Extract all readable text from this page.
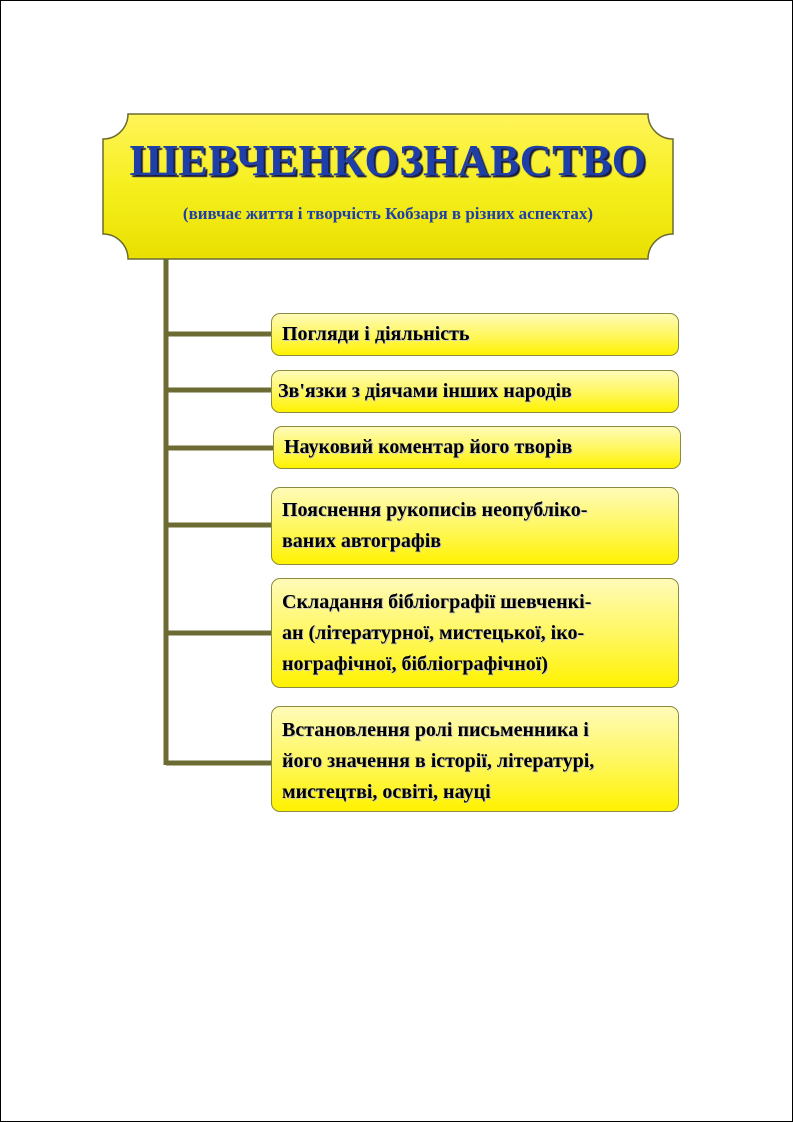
ШЕВЧЕНКОЗНАВСТВО
(вивчає життя і творчість Кобзаря в різних аспектах)
Погляди і діяльність
Зв'язки з діячами інших народів
Науковий коментар його творів
Пояснення рукописів неопублiко-
ваних автографів
Складання бібліографії шевченкі-
ан (літературної, мистецької, іко-
нографічної, бібліографічної)
Встановлення ролі письменника і
його значення в історії, літературі,
мистецтві, освіті, науці
